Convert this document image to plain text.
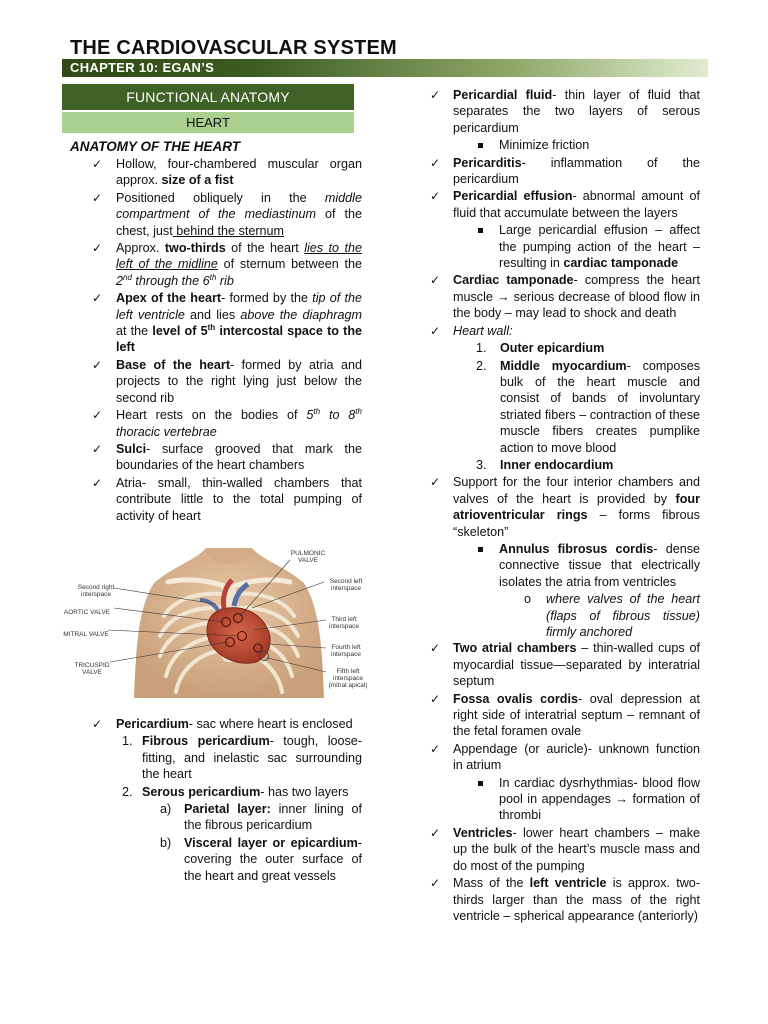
THE CARDIOVASCULAR SYSTEM
CHAPTER 10: EGAN’S
FUNCTIONAL ANATOMY
HEART
ANATOMY OF THE HEART
✓ Hollow, four-chambered muscular organ approx. size of a fist
✓ Positioned obliquely in the middle compartment of the mediastinum of the chest, just behind the sternum
✓ Approx. two-thirds of the heart lies to the left of the midline of sternum between the 2nd through the 6th rib
✓ Apex of the heart- formed by the tip of the left ventricle and lies above the diaphragm at the level of 5th intercostal space to the left
✓ Base of the heart- formed by atria and projects to the right lying just below the second rib
✓ Heart rests on the bodies of 5th to 8th thoracic vertebrae
✓ Sulci- surface grooved that mark the boundaries of the heart chambers
✓ Atria- small, thin-walled chambers that contribute little to the total pumping of activity of heart
PULMONIC VALVE
Second left interspace
Second right interspace
AORTIC VALVE
Third left interspace
MITRAL VALVE
Fourth left interspace
TRICUSPID VALVE	Fifth left interspace (mitral apical)
✓ Pericardium- sac where heart is enclosed
1. Fibrous pericardium- tough, loose-fitting, and inelastic sac surrounding the heart
2. Serous pericardium- has two layers
a) Parietal layer: inner lining of the fibrous pericardium
b) Visceral layer or epicardium- covering the outer surface of the heart and great vessels
✓ Pericardial fluid- thin layer of fluid that separates the two layers of serous pericardium
Minimize friction
✓ Pericarditis- inflammation of the pericardium
✓ Pericardial effusion- abnormal amount of fluid that accumulate between the layers
Large pericardial effusion – affect the pumping action of the heart – resulting in cardiac tamponade
✓ Cardiac tamponade- compress the heart muscle → serious decrease of blood flow in the body – may lead to shock and death
✓ Heart wall:
1. Outer epicardium
2. Middle myocardium- composes bulk of the heart muscle and consist of bands of involuntary striated fibers – contraction of these muscle fibers creates pumplike action to move blood
3. Inner endocardium
✓ Support for the four interior chambers and valves of the heart is provided by four atrioventricular rings – forms fibrous “skeleton”
Annulus fibrosus cordis- dense connective tissue that electrically isolates the atria from ventricles
o where valves of the heart (flaps of fibrous tissue) firmly anchored
✓ Two atrial chambers – thin-walled cups of myocardial tissue—separated by interatrial septum
✓ Fossa ovalis cordis- oval depression at right side of interatrial septum – remnant of the fetal foramen ovale
✓ Appendage (or auricle)- unknown function in atrium
In cardiac dysrhythmias- blood flow pool in appendages → formation of thrombi
✓ Ventricles- lower heart chambers – make up the bulk of the heart’s muscle mass and do most of the pumping
✓ Mass of the left ventricle is approx. two-thirds larger than the mass of the right ventricle – spherical appearance (anteriorly)
